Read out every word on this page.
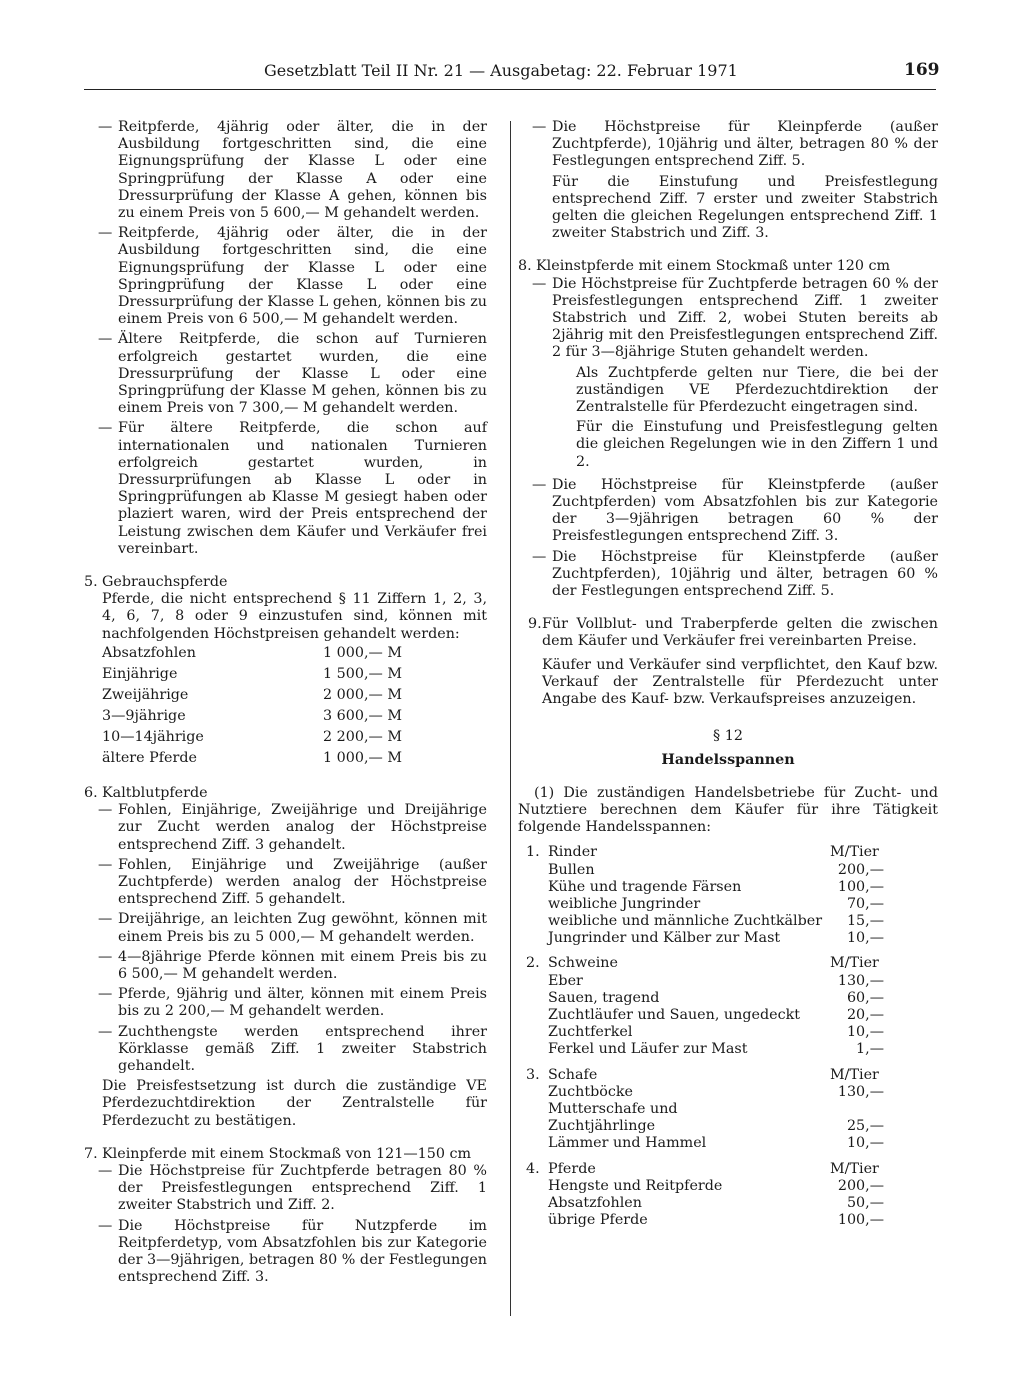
Gesetzblatt Teil II Nr. 21 — Ausgabetag: 22. Februar 1971	169
— Reitpferde, 4jährig oder älter, die in der Ausbildung fortgeschritten sind, die eine Eignungsprüfung der Klasse L oder eine Springprüfung der Klasse A oder eine Dressurprüfung der Klasse A gehen, können bis zu einem Preis von 5 600,— M gehandelt werden.
— Reitpferde, 4jährig oder älter, die in der Ausbildung fortgeschritten sind, die eine Eignungsprüfung der Klasse L oder eine Springprüfung der Klasse L oder eine Dressurprüfung der Klasse L gehen, können bis zu einem Preis von 6 500,— M gehandelt werden.
— Ältere Reitpferde, die schon auf Turnieren erfolgreich gestartet wurden, die eine Dressurprüfung der Klasse L oder eine Springprüfung der Klasse M gehen, können bis zu einem Preis von 7 300,— M gehandelt werden.
— Für ältere Reitpferde, die schon auf internationalen und nationalen Turnieren erfolgreich gestartet wurden, in Dressurprüfungen ab Klasse L oder in Springprüfungen ab Klasse M gesiegt haben oder plaziert waren, wird der Preis entsprechend der Leistung zwischen dem Käufer und Verkäufer frei vereinbart.
5. Gebrauchspferde

Pferde, die nicht entsprechend § 11 Ziffern 1, 2, 3, 4, 6, 7, 8 oder 9 einzustufen sind, können mit nachfolgenden Höchstpreisen gehandelt werden:

Absatzfohlen	1 000,— M
Einjährige	1 500,— M
Zweijährige	2 000,— M
3—9jährige	3 600,— M
10—14jährige	2 200,— M
ältere Pferde	1 000,— M
6. Kaltblutpferde

— Fohlen, Einjährige, Zweijährige und Dreijährige zur Zucht werden analog der Höchstpreise entsprechend Ziff. 3 gehandelt.
— Fohlen, Einjährige und Zweijährige (außer Zuchtpferde) werden analog der Höchstpreise entsprechend Ziff. 5 gehandelt.
— Dreijährige, an leichten Zug gewöhnt, können mit einem Preis bis zu 5 000,— M gehandelt werden.
— 4—8jährige Pferde können mit einem Preis bis zu 6 500,— M gehandelt werden.
— Pferde, 9jährig und älter, können mit einem Preis bis zu 2 200,— M gehandelt werden.
— Zuchthengste werden entsprechend ihrer Körklasse gemäß Ziff. 1 zweiter Stabstrich gehandelt.

Die Preisfestsetzung ist durch die zuständige VE Pferdezuchtdirektion der Zentralstelle für Pferdezucht zu bestätigen.

7. Kleinpferde mit einem Stockmaß von 121—150 cm

— Die Höchstpreise für Zuchtpferde betragen 80 % der Preisfestlegungen entsprechend Ziff. 1 zweiter Stabstrich und Ziff. 2.
— Die Höchstpreise für Nutzpferde im Reitpferdetyp, vom Absatzfohlen bis zur Kategorie der 3—9jährigen, betragen 80 % der Festlegungen entsprechend Ziff. 3.
— Die Höchstpreise für Kleinpferde (außer Zuchtpferde), 10jährig und älter, betragen 80 % der Festlegungen entsprechend Ziff. 5.

Für die Einstufung und Preisfestlegung entsprechend Ziff. 7 erster und zweiter Stabstrich gelten die gleichen Regelungen entsprechend Ziff. 1 zweiter Stabstrich und Ziff. 3.

8. Kleinstpferde mit einem Stockmaß unter 120 cm

— Die Höchstpreise für Zuchtpferde betragen 60 % der Preisfestlegungen entsprechend Ziff. 1 zweiter Stabstrich und Ziff. 2, wobei Stuten bereits ab 2jährig mit den Preisfestlegungen entsprechend Ziff. 2 für 3—8jährige Stuten gehandelt werden.

Als Zuchtpferde gelten nur Tiere, die bei der zuständigen VE Pferdezuchtdirektion der Zentralstelle für Pferdezucht eingetragen sind.

Für die Einstufung und Preisfestlegung gelten die gleichen Regelungen wie in den Ziffern 1 und 2.

— Die Höchstpreise für Kleinstpferde (außer Zuchtpferden) vom Absatzfohlen bis zur Kategorie der 3—9jährigen betragen 60 % der Preisfestlegungen entsprechend Ziff. 3.
— Die Höchstpreise für Kleinstpferde (außer Zuchtpferden), 10jährig und älter, betragen 60 % der Festlegungen entsprechend Ziff. 5.
9. Für Vollblut- und Traberpferde gelten die zwischen dem Käufer und Verkäufer frei vereinbarten Preise.

Käufer und Verkäufer sind verpflichtet, den Kauf bzw. Verkauf der Zentralstelle für Pferdezucht unter Angabe des Kauf- bzw. Verkaufspreises anzuzeigen.

§ 12

Handelsspannen

(1) Die zuständigen Handelsbetriebe für Zucht- und Nutztiere berechnen dem Käufer für ihre Tätigkeit folgende Handelsspannen:

1. Rinder	M/Tier
Bullen	200,—
Kühe und tragende Färsen	100,—
weibliche Jungrinder	70,—
weibliche und männliche Zuchtkälber	15,—
Jungrinder und Kälber zur Mast	10,—
2. Schweine	M/Tier
Eber	130,—
Sauen, tragend	60,—
Zuchtläufer und Sauen, ungedeckt	20,—
Zuchtferkel	10,—
Ferkel und Läufer zur Mast	1,—
3. Schafe	M/Tier
Zuchtböcke	130,—
Mutterschafe und Zuchtjährlinge	25,—
Lämmer und Hammel	10,—
4. Pferde	M/Tier
Hengste und Reitpferde	200,—
Absatzfohlen	50,—
übrige Pferde	100,—
